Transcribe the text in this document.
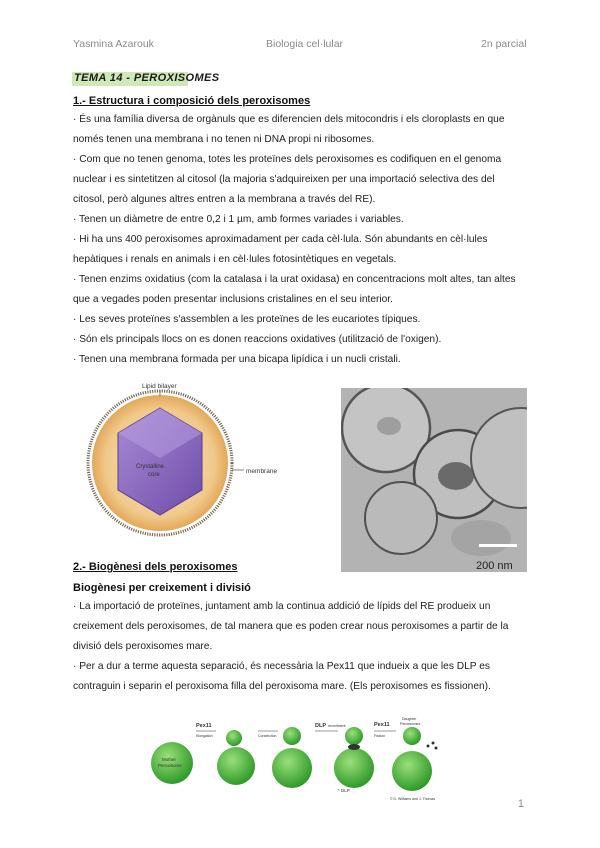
Yasmina Azarouk	Biologia cel·lular	2n parcial
TEMA 14 - PEROXISOMES
1.- Estructura i composició dels peroxisomes

· És una família diversa de orgànuls que es diferencien dels mitocondris i els cloroplasts en que només tenen una membrana i no tenen ni DNA propi ni ribosomes.

· Com que no tenen genoma, totes les proteïnes dels peroxisomes es codifiquen en el genoma nuclear i es sintetitzen al citosol (la majoria s'adquireixen per una importació selectiva des del citosol, però algunes altres entren a la membrana a través del RE).

· Tenen un diàmetre de entre 0,2 i 1 µm, amb formes variades i variables.

· Hi ha uns 400 peroxisomes aproximadament per cada cèl·lula. Són abundants en cèl·lules hepàtiques i renals en animals i en cèl·lules fotosintètiques en vegetals.

· Tenen enzims oxidatius (com la catalasa i la urat oxidasa) en concentracions molt altes, tan altes que a vegades poden presentar inclusions cristalines en el seu interior.

· Les seves proteïnes s'assemblen a les proteïnes de les eucariotes típiques.

· Són els principals llocs on es donen reaccions oxidatives (utilització de l'oxigen).

· Tenen una membrana formada per una bicapa lipídica i un nucli cristali.

Crystalline
core
Lipid bilayer
membrane
200 nm
2.- Biogènesi dels peroxisomes
Biogènesi per creixement i divisió

· La importació de proteïnes, juntament amb la continua addició de lípids del RE produeix un creixement dels peroxisomes, de tal manera que es poden crear nous peroxisomes a partir de la divisió dels peroxisomes mare.

· Per a dur a terme aquesta separació, és necessària la Pex11 que indueix a que les DLP es contraguin i separin el peroxisoma filla del peroxisoma mare. (Els peroxisomes es fissionen).

Mother
Peroxisome
Pex11
Elongation	Constriction
DLP recruitment	Pex11
Fission
Daughter
Peroxisomes
* DLP
© D. Williams and J. Thomas	1
